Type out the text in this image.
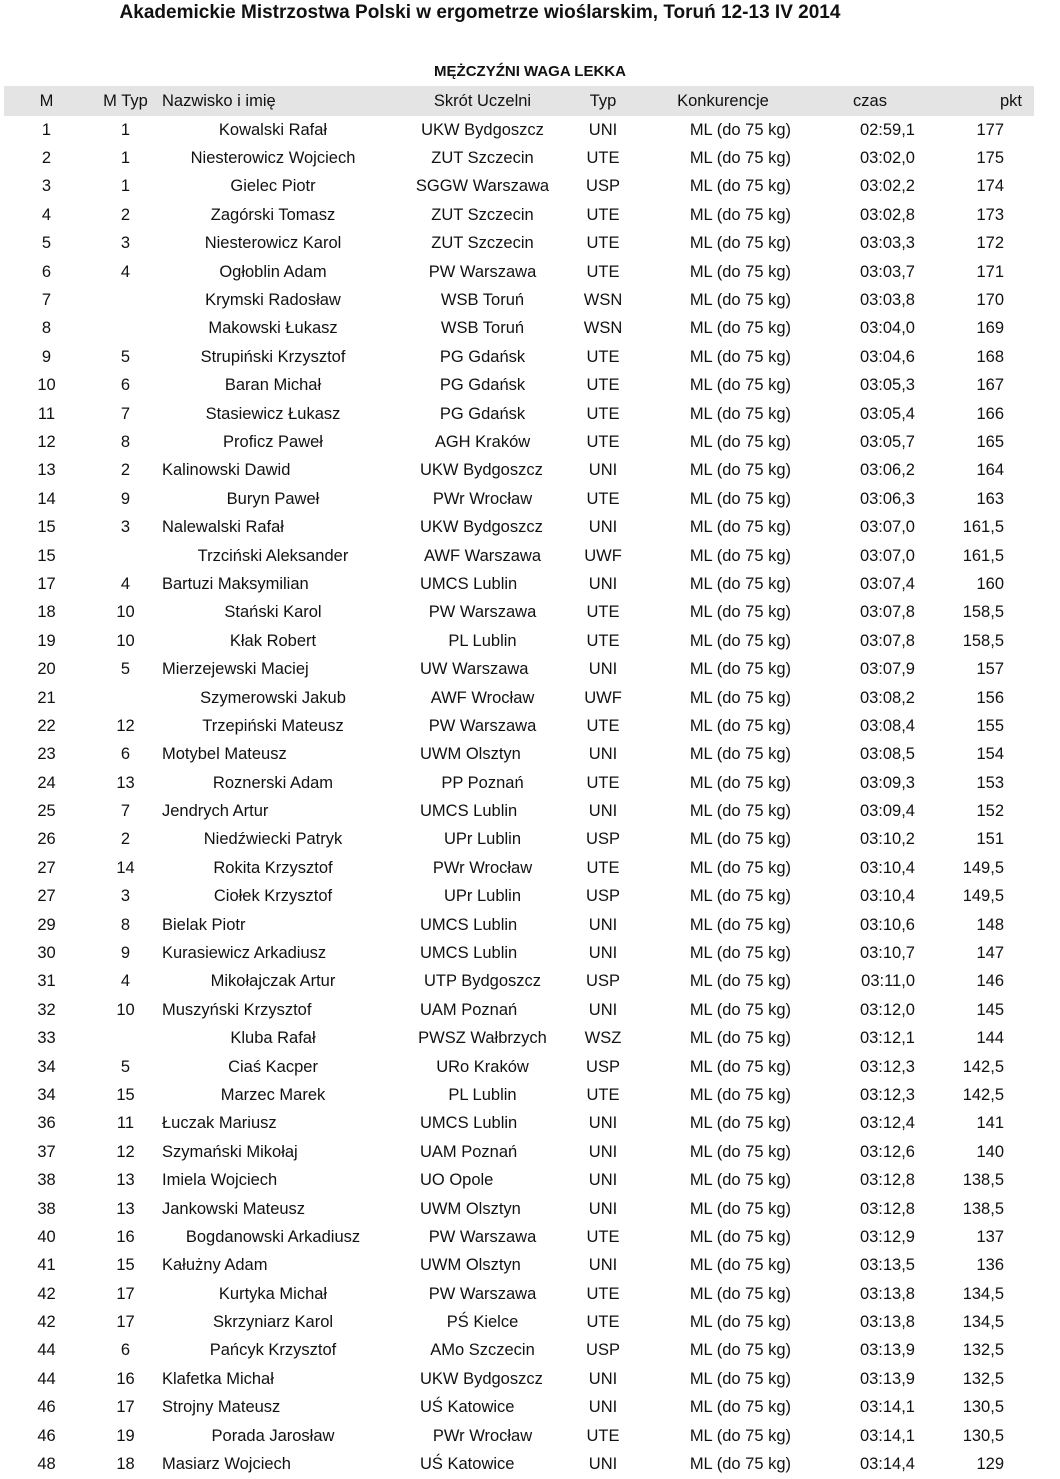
Akademickie Mistrzostwa Polski w ergometrze wioślarskim, Toruń 12-13 IV 2014
MĘŻCZYŹNI WAGA LEKKA
M	M Typ	Nazwisko i imię	Skrót Uczelni	Typ	Konkurencje	czas	pkt
1	1	Kowalski Rafał	UKW Bydgoszcz	UNI	ML (do 75 kg)	02:59,1	177
2	1	Niesterowicz Wojciech	ZUT Szczecin	UTE	ML (do 75 kg)	03:02,0	175
3	1	Gielec Piotr	SGGW Warszawa	USP	ML (do 75 kg)	03:02,2	174
4	2	Zagórski Tomasz	ZUT Szczecin	UTE	ML (do 75 kg)	03:02,8	173
5	3	Niesterowicz Karol	ZUT Szczecin	UTE	ML (do 75 kg)	03:03,3	172
6	4	Ogłoblin Adam	PW Warszawa	UTE	ML (do 75 kg)	03:03,7	171
7		Krymski Radosław	WSB Toruń	WSN	ML (do 75 kg)	03:03,8	170
8		Makowski Łukasz	WSB Toruń	WSN	ML (do 75 kg)	03:04,0	169
9	5	Strupiński Krzysztof	PG Gdańsk	UTE	ML (do 75 kg)	03:04,6	168
10	6	Baran Michał	PG Gdańsk	UTE	ML (do 75 kg)	03:05,3	167
11	7	Stasiewicz Łukasz	PG Gdańsk	UTE	ML (do 75 kg)	03:05,4	166
12	8	Proficz Paweł	AGH Kraków	UTE	ML (do 75 kg)	03:05,7	165
13	2	Kalinowski Dawid	UKW Bydgoszcz	UNI	ML (do 75 kg)	03:06,2	164
14	9	Buryn Paweł	PWr Wrocław	UTE	ML (do 75 kg)	03:06,3	163
15	3	Nalewalski Rafał	UKW Bydgoszcz	UNI	ML (do 75 kg)	03:07,0	161,5
15		Trzciński Aleksander	AWF Warszawa	UWF	ML (do 75 kg)	03:07,0	161,5
17	4	Bartuzi Maksymilian	UMCS Lublin	UNI	ML (do 75 kg)	03:07,4	160
18	10	Stański Karol	PW Warszawa	UTE	ML (do 75 kg)	03:07,8	158,5
19	10	Kłak Robert	PL Lublin	UTE	ML (do 75 kg)	03:07,8	158,5
20	5	Mierzejewski Maciej	UW Warszawa	UNI	ML (do 75 kg)	03:07,9	157
21		Szymerowski Jakub	AWF Wrocław	UWF	ML (do 75 kg)	03:08,2	156
22	12	Trzepiński Mateusz	PW Warszawa	UTE	ML (do 75 kg)	03:08,4	155
23	6	Motybel Mateusz	UWM Olsztyn	UNI	ML (do 75 kg)	03:08,5	154
24	13	Roznerski Adam	PP Poznań	UTE	ML (do 75 kg)	03:09,3	153
25	7	Jendrych Artur	UMCS Lublin	UNI	ML (do 75 kg)	03:09,4	152
26	2	Niedźwiecki Patryk	UPr Lublin	USP	ML (do 75 kg)	03:10,2	151
27	14	Rokita Krzysztof	PWr Wrocław	UTE	ML (do 75 kg)	03:10,4	149,5
27	3	Ciołek Krzysztof	UPr Lublin	USP	ML (do 75 kg)	03:10,4	149,5
29	8	Bielak Piotr	UMCS Lublin	UNI	ML (do 75 kg)	03:10,6	148
30	9	Kurasiewicz Arkadiusz	UMCS Lublin	UNI	ML (do 75 kg)	03:10,7	147
31	4	Mikołajczak Artur	UTP Bydgoszcz	USP	ML (do 75 kg)	03:11,0	146
32	10	Muszyński Krzysztof	UAM Poznań	UNI	ML (do 75 kg)	03:12,0	145
33		Kluba Rafał	PWSZ Wałbrzych	WSZ	ML (do 75 kg)	03:12,1	144
34	5	Ciaś Kacper	URo Kraków	USP	ML (do 75 kg)	03:12,3	142,5
34	15	Marzec Marek	PL Lublin	UTE	ML (do 75 kg)	03:12,3	142,5
36	11	Łuczak Mariusz	UMCS Lublin	UNI	ML (do 75 kg)	03:12,4	141
37	12	Szymański Mikołaj	UAM Poznań	UNI	ML (do 75 kg)	03:12,6	140
38	13	Imiela Wojciech	UO Opole	UNI	ML (do 75 kg)	03:12,8	138,5
38	13	Jankowski Mateusz	UWM Olsztyn	UNI	ML (do 75 kg)	03:12,8	138,5
40	16	Bogdanowski Arkadiusz	PW Warszawa	UTE	ML (do 75 kg)	03:12,9	137
41	15	Kałużny Adam	UWM Olsztyn	UNI	ML (do 75 kg)	03:13,5	136
42	17	Kurtyka Michał	PW Warszawa	UTE	ML (do 75 kg)	03:13,8	134,5
42	17	Skrzyniarz Karol	PŚ Kielce	UTE	ML (do 75 kg)	03:13,8	134,5
44	6	Pańcyk Krzysztof	AMo Szczecin	USP	ML (do 75 kg)	03:13,9	132,5
44	16	Klafetka Michał	UKW Bydgoszcz	UNI	ML (do 75 kg)	03:13,9	132,5
46	17	Strojny Mateusz	UŚ Katowice	UNI	ML (do 75 kg)	03:14,1	130,5
46	19	Porada Jarosław	PWr Wrocław	UTE	ML (do 75 kg)	03:14,1	130,5
48	18	Masiarz Wojciech	UŚ Katowice	UNI	ML (do 75 kg)	03:14,4	129
